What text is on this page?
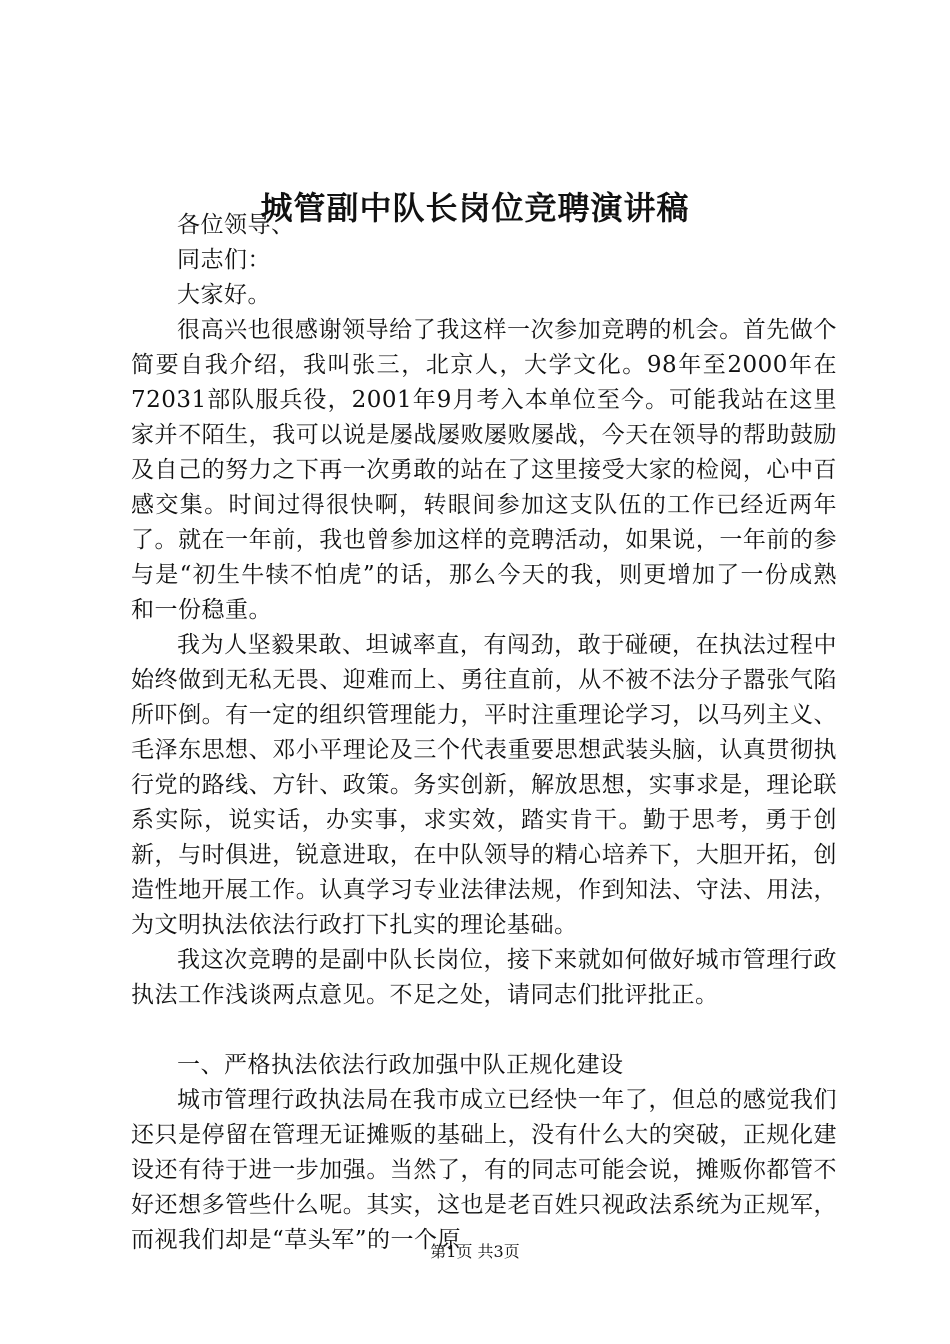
城管副中队长岗位竞聘演讲稿

各位领导、

同志们：

大家好。

很高兴也很感谢领导给了我这样一次参加竞聘的机会。首先做个简要自我介绍，我叫张三，北京人，大学文化。98年至2000年在72031部队服兵役，2001年9月考入本单位至今。可能我站在这里家并不陌生，我可以说是屡战屡败屡败屡战，今天在领导的帮助鼓励及自己的努力之下再一次勇敢的站在了这里接受大家的检阅，心中百感交集。时间过得很快啊，转眼间参加这支队伍的工作已经近两年了。就在一年前，我也曾参加这样的竞聘活动，如果说，一年前的参与是“初生牛犊不怕虎”的话，那么今天的我，则更增加了一份成熟和一份稳重。

我为人坚毅果敢、坦诚率直，有闯劲，敢于碰硬，在执法过程中始终做到无私无畏、迎难而上、勇往直前，从不被不法分子嚣张气陷所吓倒。有一定的组织管理能力，平时注重理论学习，以马列主义、毛泽东思想、邓小平理论及三个代表重要思想武装头脑，认真贯彻执行党的路线、方针、政策。务实创新，解放思想，实事求是，理论联系实际，说实话，办实事，求实效，踏实肯干。勤于思考，勇于创新，与时俱进，锐意进取，在中队领导的精心培养下，大胆开拓，创造性地开展工作。认真学习专业法律法规，作到知法、守法、用法，为文明执法依法行政打下扎实的理论基础。

我这次竞聘的是副中队长岗位，接下来就如何做好城市管理行政执法工作浅谈两点意见。不足之处，请同志们批评批正。

一、严格执法依法行政加强中队正规化建设

城市管理行政执法局在我市成立已经快一年了，但总的感觉我们还只是停留在管理无证摊贩的基础上，没有什么大的突破，正规化建设还有待于进一步加强。当然了，有的同志可能会说，摊贩你都管不好还想多管些什么呢。其实，这也是老百姓只视政法系统为正规军，而视我们却是“草头军”的一个原

第1页 共3页
